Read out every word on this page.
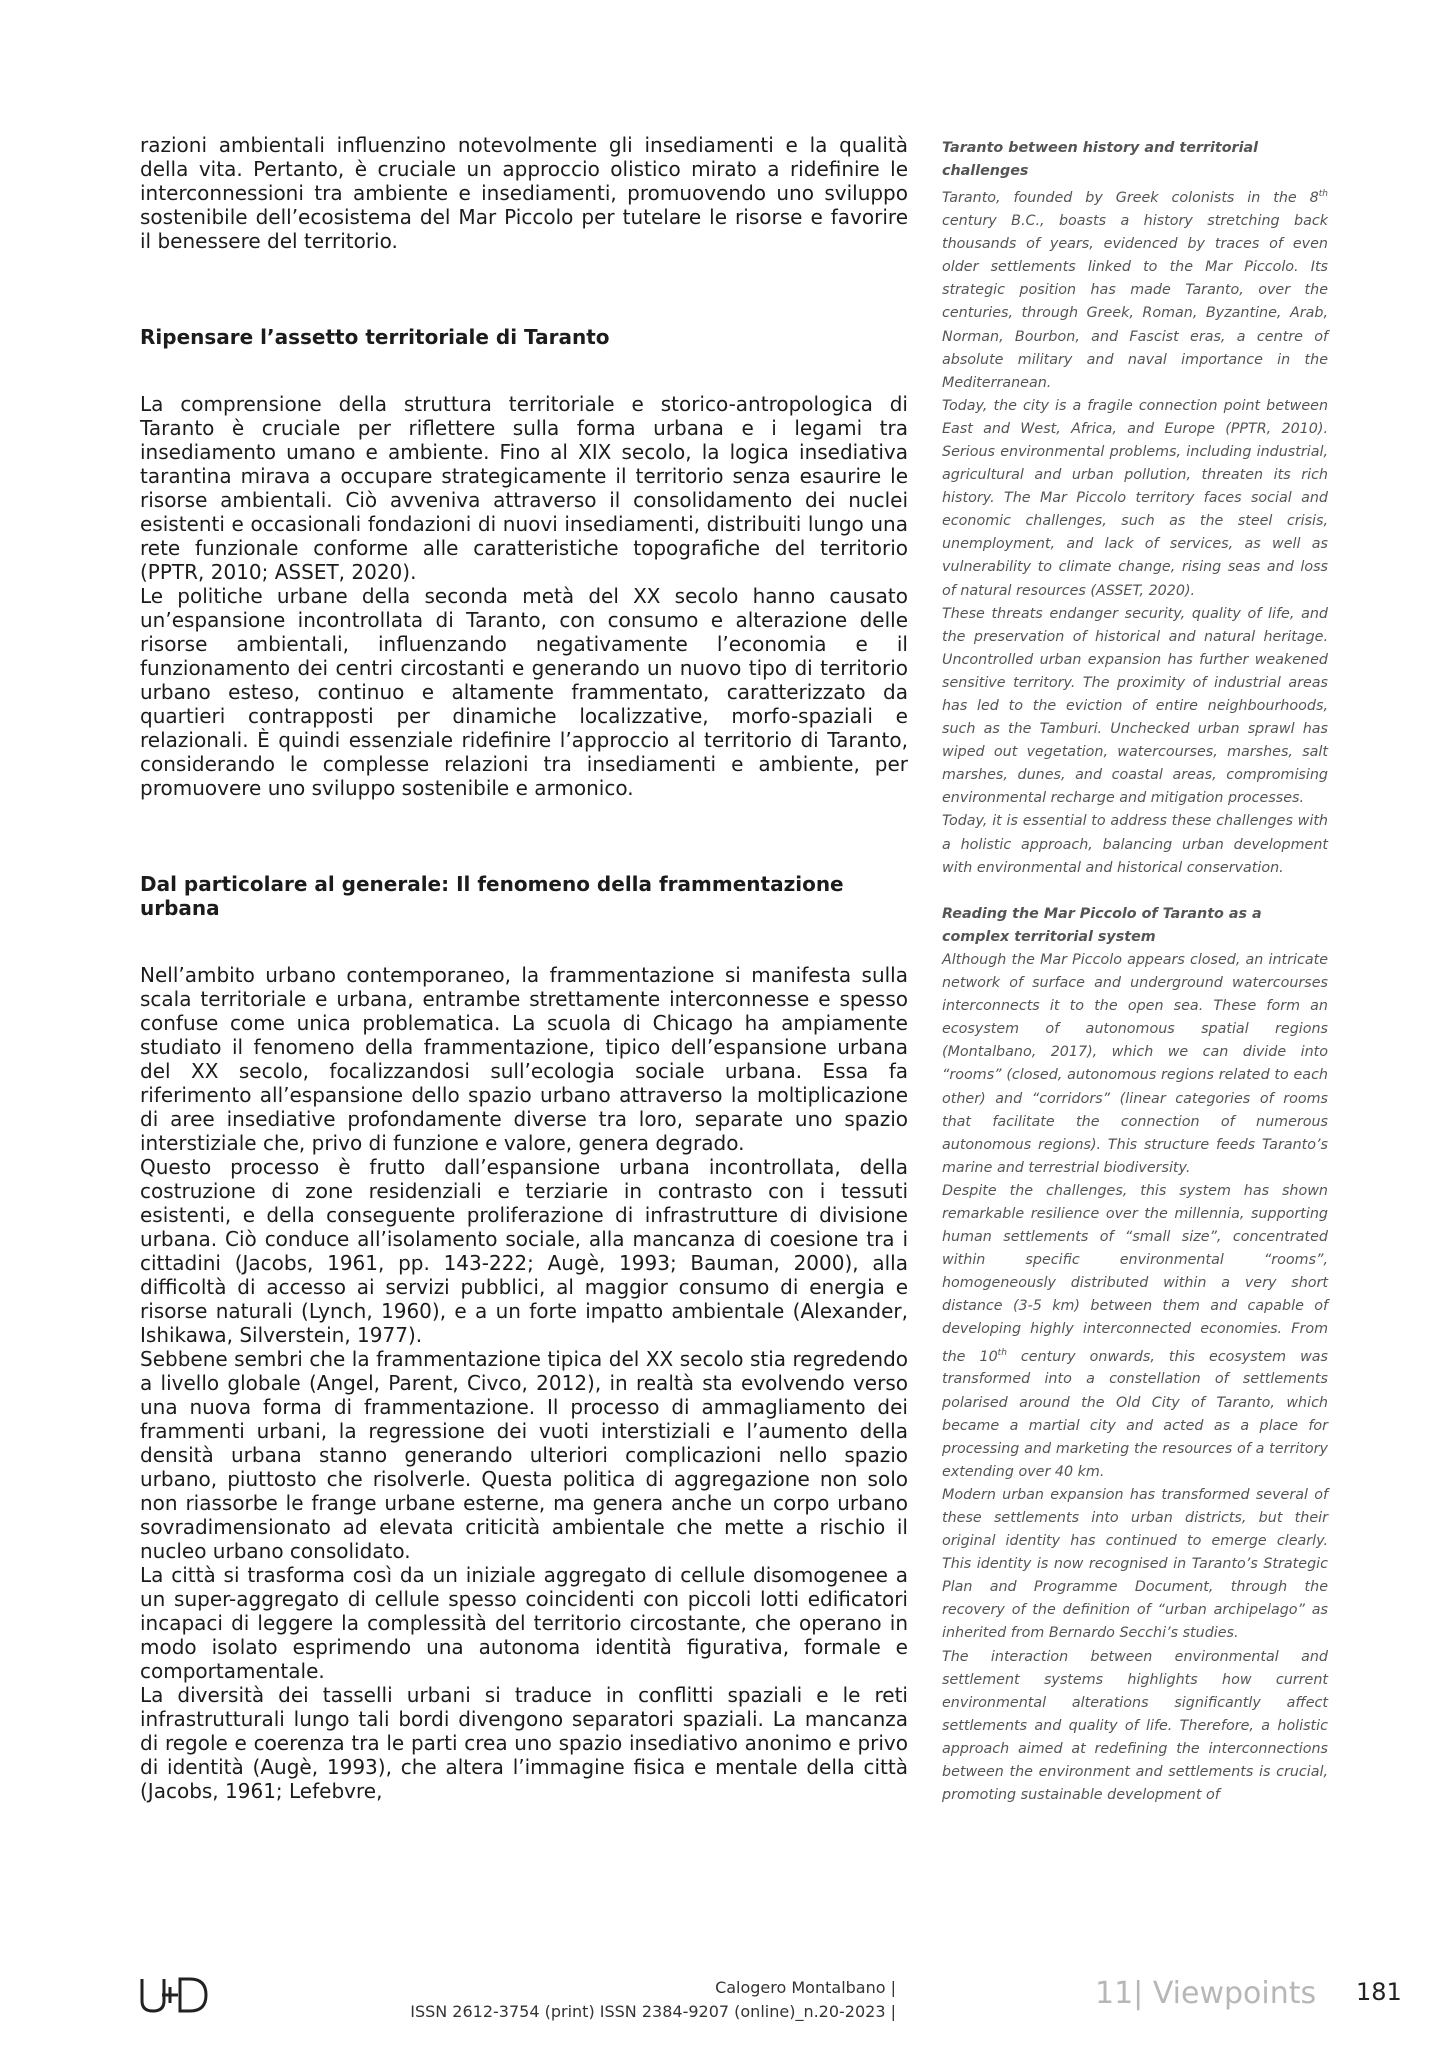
razioni ambientali influenzino notevolmente gli insediamenti e la qualità della vita. Pertanto, è cruciale un approccio olistico mirato a ridefinire le interconnessioni tra ambiente e insediamenti, promuovendo uno sviluppo sostenibile dell’ecosistema del Mar Piccolo per tutelare le risorse e favorire il benessere del territorio.

Ripensare l’assetto territoriale di Taranto

La comprensione della struttura territoriale e storico-antropologica di Taranto è cruciale per riflettere sulla forma urbana e i legami tra insediamento umano e ambiente. Fino al XIX secolo, la logica insediativa tarantina mirava a occupare strategicamente il territorio senza esaurire le risorse ambientali. Ciò avveniva attraverso il consolidamento dei nuclei esistenti e occasionali fondazioni di nuovi insediamenti, distribuiti lungo una rete funzionale conforme alle caratteristiche topografiche del territorio (PPTR, 2010; ASSET, 2020).

Le politiche urbane della seconda metà del XX secolo hanno causato un’espansione incontrollata di Taranto, con consumo e alterazione delle risorse ambientali, influenzando negativamente l’economia e il funzionamento dei centri circostanti e generando un nuovo tipo di territorio urbano esteso, continuo e altamente frammentato, caratterizzato da quartieri contrapposti per dinamiche localizzative, morfo-spaziali e relazionali. È quindi essenziale ridefinire l’approccio al territorio di Taranto, considerando le complesse relazioni tra insediamenti e ambiente, per promuovere uno sviluppo sostenibile e armonico.

Dal particolare al generale: Il fenomeno della frammentazione urbana

Nell’ambito urbano contemporaneo, la frammentazione si manifesta sulla scala territoriale e urbana, entrambe strettamente interconnesse e spesso confuse come unica problematica. La scuola di Chicago ha ampiamente studiato il fenomeno della frammentazione, tipico dell’espansione urbana del XX secolo, focalizzandosi sull’ecologia sociale urbana. Essa fa riferimento all’espansione dello spazio urbano attraverso la moltiplicazione di aree insediative profondamente diverse tra loro, separate uno spazio interstiziale che, privo di funzione e valore, genera degrado.

Questo processo è frutto dall’espansione urbana incontrollata, della costruzione di zone residenziali e terziarie in contrasto con i tessuti esistenti, e della conseguente proliferazione di infrastrutture di divisione urbana. Ciò conduce all’isolamento sociale, alla mancanza di coesione tra i cittadini (Jacobs, 1961, pp. 143-222; Augè, 1993; Bauman, 2000), alla difficoltà di accesso ai servizi pubblici, al maggior consumo di energia e risorse naturali (Lynch, 1960), e a un forte impatto ambientale (Alexander, Ishikawa, Silverstein, 1977).

Sebbene sembri che la frammentazione tipica del XX secolo stia regredendo a livello globale (Angel, Parent, Civco, 2012), in realtà sta evolvendo verso una nuova forma di frammentazione. Il processo di ammagliamento dei frammenti urbani, la regressione dei vuoti interstiziali e l’aumento della densità urbana stanno generando ulteriori complicazioni nello spazio urbano, piuttosto che risolverle. Questa politica di aggregazione non solo non riassorbe le frange urbane esterne, ma genera anche un corpo urbano sovradimensionato ad elevata criticità ambientale che mette a rischio il nucleo urbano consolidato.

La città si trasforma così da un iniziale aggregato di cellule disomogenee a un super-aggregato di cellule spesso coincidenti con piccoli lotti edificatori incapaci di leggere la complessità del territorio circostante, che operano in modo isolato esprimendo una autonoma identità figurativa, formale e comportamentale.

La diversità dei tasselli urbani si traduce in conflitti spaziali e le reti infrastrutturali lungo tali bordi divengono separatori spaziali. La mancanza di regole e coerenza tra le parti crea uno spazio insediativo anonimo e privo di identità (Augè, 1993), che altera l’immagine fisica e mentale della città (Jacobs, 1961; Lefebvre,

Taranto between history and territorial challenges

Taranto, founded by Greek colonists in the 8th century B.C., boasts a history stretching back thousands of years, evidenced by traces of even older settlements linked to the Mar Piccolo. Its strategic position has made Taranto, over the centuries, through Greek, Roman, Byzantine, Arab, Norman, Bourbon, and Fascist eras, a centre of absolute military and naval importance in the Mediterranean.

Today, the city is a fragile connection point between East and West, Africa, and Europe (PPTR, 2010). Serious environmental problems, including industrial, agricultural and urban pollution, threaten its rich history. The Mar Piccolo territory faces social and economic challenges, such as the steel crisis, unemployment, and lack of services, as well as vulnerability to climate change, rising seas and loss of natural resources (ASSET, 2020).

These threats endanger security, quality of life, and the preservation of historical and natural heritage. Uncontrolled urban expansion has further weakened sensitive territory. The proximity of industrial areas has led to the eviction of entire neighbourhoods, such as the Tamburi. Unchecked urban sprawl has wiped out vegetation, watercourses, marshes, salt marshes, dunes, and coastal areas, compromising environmental recharge and mitigation processes.

Today, it is essential to address these challenges with a holistic approach, balancing urban development with environmental and historical conservation.

Reading the Mar Piccolo of Taranto as a complex territorial system

Although the Mar Piccolo appears closed, an intricate network of surface and underground watercourses interconnects it to the open sea. These form an ecosystem of autonomous spatial regions (Montalbano, 2017), which we can divide into “rooms” (closed, autonomous regions related to each other) and “corridors” (linear categories of rooms that facilitate the connection of numerous autonomous regions). This structure feeds Taranto’s marine and terrestrial biodiversity.

Despite the challenges, this system has shown remarkable resilience over the millennia, supporting human settlements of “small size”, concentrated within specific environmental “rooms”, homogeneously distributed within a very short distance (3-5 km) between them and capable of developing highly interconnected economies. From the 10th century onwards, this ecosystem was transformed into a constellation of settlements polarised around the Old City of Taranto, which became a martial city and acted as a place for processing and marketing the resources of a territory extending over 40 km.

Modern urban expansion has transformed several of these settlements into urban districts, but their original identity has continued to emerge clearly. This identity is now recognised in Taranto’s Strategic Plan and Programme Document, through the recovery of the definition of “urban archipelago” as inherited from Bernardo Secchi’s studies.

The interaction between environmental and settlement systems highlights how current environmental alterations significantly affect settlements and quality of life. Therefore, a holistic approach aimed at redefining the interconnections between the environment and settlements is crucial, promoting sustainable development of

Calogero Montalbano |
ISSN 2612-3754 (print) ISSN 2384-9207 (online)_n.20-2023 |
11| Viewpoints 181
